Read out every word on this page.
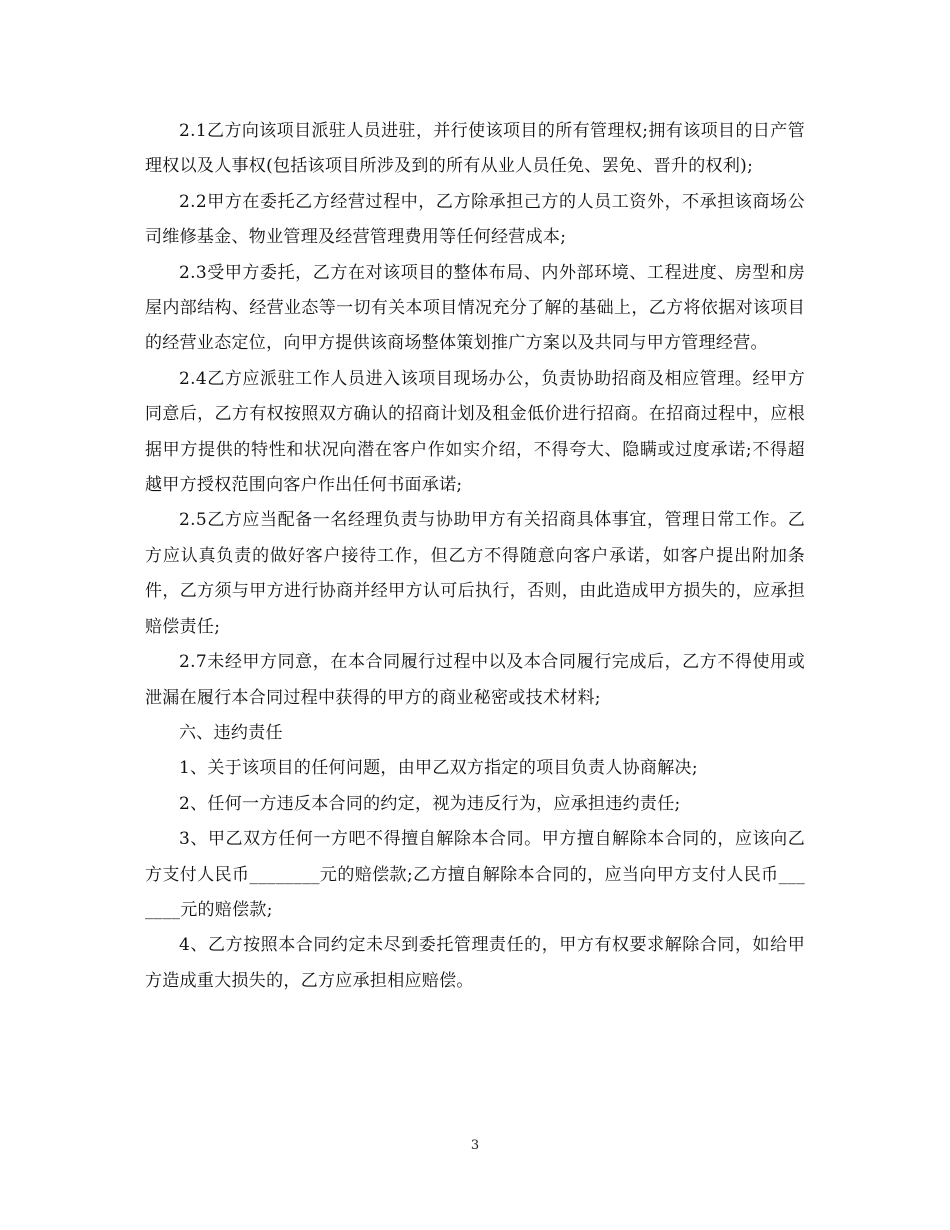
2.1乙方向该项目派驻人员进驻，并行使该项目的所有管理权;拥有该项目的日产管理权以及人事权(包括该项目所涉及到的所有从业人员任免、罢免、晋升的权利);

2.2甲方在委托乙方经营过程中，乙方除承担己方的人员工资外，不承担该商场公司维修基金、物业管理及经营管理费用等任何经营成本;

2.3受甲方委托，乙方在对该项目的整体布局、内外部环境、工程进度、房型和房屋内部结构、经营业态等一切有关本项目情况充分了解的基础上，乙方将依据对该项目的经营业态定位，向甲方提供该商场整体策划推广方案以及共同与甲方管理经营。

2.4乙方应派驻工作人员进入该项目现场办公，负责协助招商及相应管理。经甲方同意后，乙方有权按照双方确认的招商计划及租金低价进行招商。在招商过程中，应根据甲方提供的特性和状况向潜在客户作如实介绍，不得夸大、隐瞒或过度承诺;不得超越甲方授权范围向客户作出任何书面承诺;

2.5乙方应当配备一名经理负责与协助甲方有关招商具体事宜，管理日常工作。乙方应认真负责的做好客户接待工作，但乙方不得随意向客户承诺，如客户提出附加条件，乙方须与甲方进行协商并经甲方认可后执行，否则，由此造成甲方损失的，应承担赔偿责任;

2.7未经甲方同意，在本合同履行过程中以及本合同履行完成后，乙方不得使用或泄漏在履行本合同过程中获得的甲方的商业秘密或技术材料;

六、违约责任

1、关于该项目的任何问题，由甲乙双方指定的项目负责人协商解决;

2、任何一方违反本合同的约定，视为违反行为，应承担违约责任;

3、甲乙双方任何一方吧不得擅自解除本合同。甲方擅自解除本合同的，应该向乙方支付人民币________元的赔偿款;乙方擅自解除本合同的，应当向甲方支付人民币_______元的赔偿款;

4、乙方按照本合同约定未尽到委托管理责任的，甲方有权要求解除合同，如给甲方造成重大损失的，乙方应承担相应赔偿。

3
